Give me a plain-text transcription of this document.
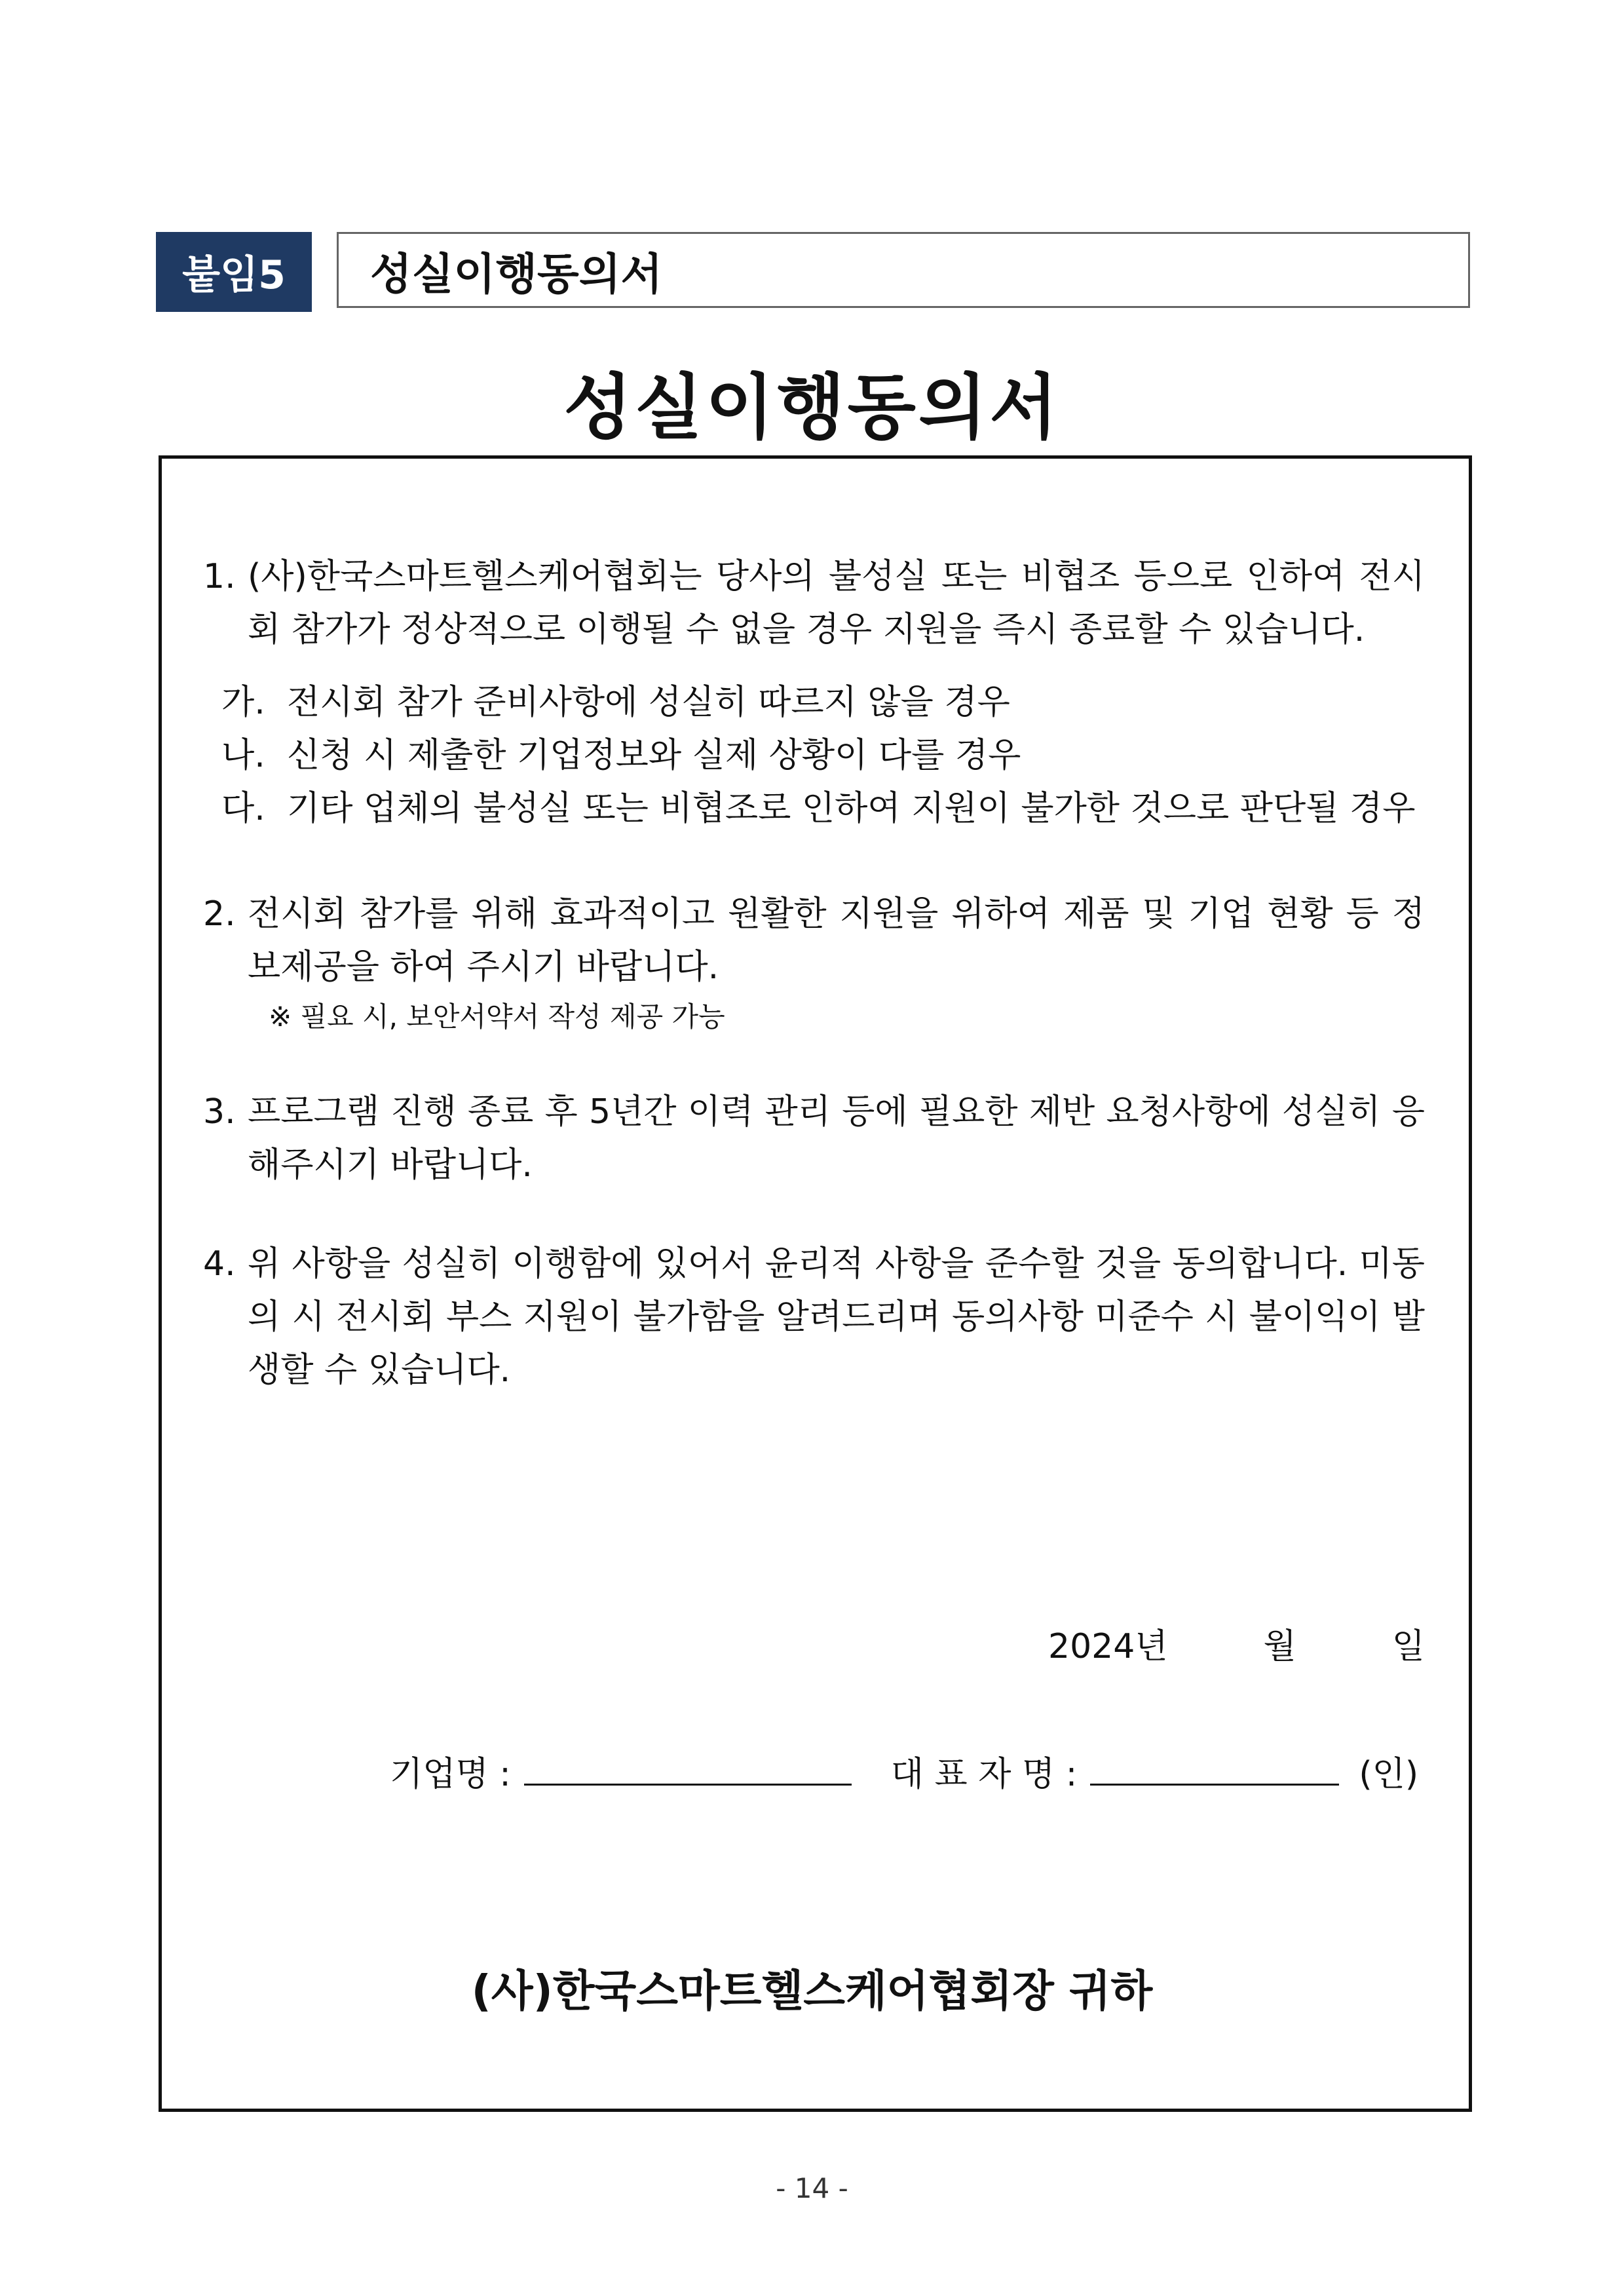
붙임5	성실이행동의서
성실이행동의서
1. (사)한국스마트헬스케어협회는 당사의 불성실 또는 비협조 등으로 인하여 전시회 참가가 정상적으로 이행될 수 없을 경우 지원을 즉시 종료할 수 있습니다.
가. 전시회 참가 준비사항에 성실히 따르지 않을 경우
나. 신청 시 제출한 기업정보와 실제 상황이 다를 경우
다. 기타 업체의 불성실 또는 비협조로 인하여 지원이 불가한 것으로 판단될 경우
2. 전시회 참가를 위해 효과적이고 원활한 지원을 위하여 제품 및 기업 현황 등 정보제공을 하여 주시기 바랍니다.
※ 필요 시, 보안서약서 작성 제공 가능
3. 프로그램 진행 종료 후 5년간 이력 관리 등에 필요한 제반 요청사항에 성실히 응해주시기 바랍니다.
4. 위 사항을 성실히 이행함에 있어서 윤리적 사항을 준수할 것을 동의합니다. 미동의 시 전시회 부스 지원이 불가함을 알려드리며 동의사항 미준수 시 불이익이 발생할 수 있습니다.
2024년	월	일
기업명 :	대 표 자 명 :	(인)
(사)한국스마트헬스케어협회장 귀하
- 14 -
